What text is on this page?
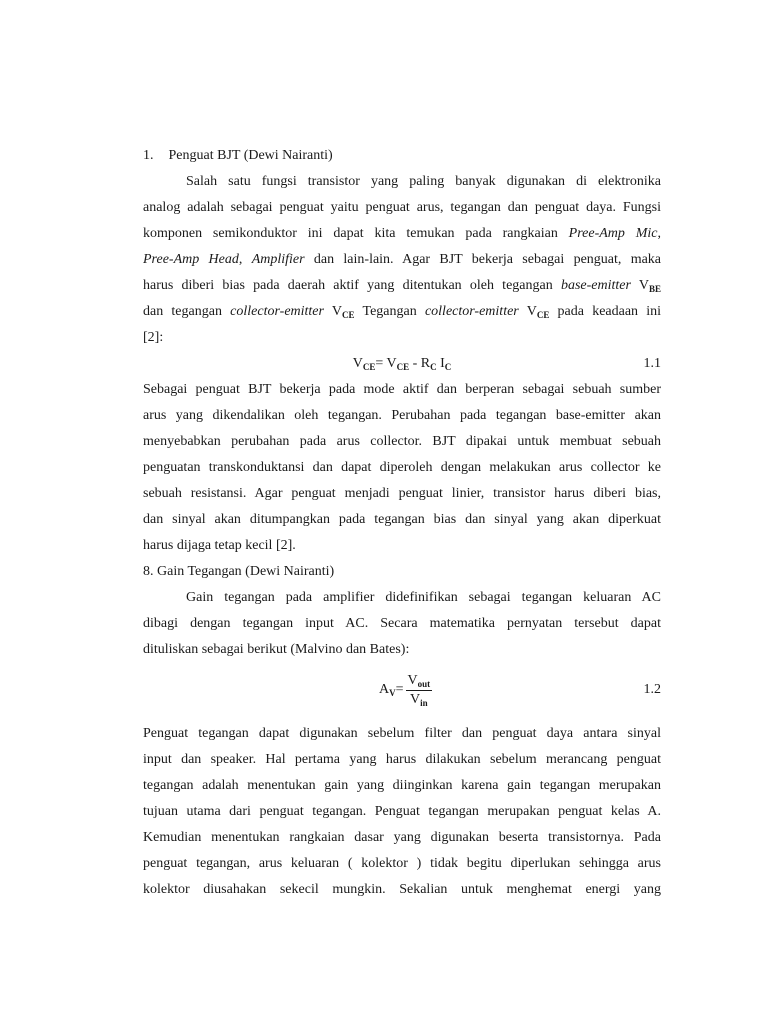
1. Penguat BJT (Dewi Nairanti)
Salah satu fungsi transistor yang paling banyak digunakan di elektronika
analog adalah sebagai penguat yaitu penguat arus, tegangan dan penguat daya. Fungsi
komponen semikonduktor ini dapat kita temukan pada rangkaian Pree-Amp Mic,
Pree-Amp Head, Amplifier dan lain-lain. Agar BJT bekerja sebagai penguat, maka
harus diberi bias pada daerah aktif yang ditentukan oleh tegangan base-emitter $V_{BE}$
dan tegangan collector-emitter $V_{CE}$ Tegangan collector-emitter $V_{CE}$ pada keadaan ini
[2]:
$V_{CE}= V_{CE} - R_C$ $I_C$	1.1
Sebagai penguat BJT bekerja pada mode aktif dan berperan sebagai sebuah sumber
arus yang dikendalikan oleh tegangan. Perubahan pada tegangan base-emitter akan
menyebabkan perubahan pada arus collector. BJT dipakai untuk membuat sebuah
penguatan transkonduktansi dan dapat diperoleh dengan melakukan arus collector ke
sebuah resistansi. Agar penguat menjadi penguat linier, transistor harus diberi bias,
dan sinyal akan ditumpangkan pada tegangan bias dan sinyal yang akan diperkuat
harus dijaga tetap kecil [2].
8. Gain Tegangan (Dewi Nairanti)
Gain tegangan pada amplifier didefinifikan sebagai tegangan keluaran AC
dibagi dengan tegangan input AC. Secara matematika pernyatan tersebut dapat
dituliskan sebagai berikut (Malvino dan Bates):
A $V = \frac{V_{out}}{V_{in}}$	1.2
Penguat tegangan dapat digunakan sebelum filter dan penguat daya antara sinyal
input dan speaker. Hal pertama yang harus dilakukan sebelum merancang penguat
tegangan adalah menentukan gain yang diinginkan karena gain tegangan merupakan
tujuan utama dari penguat tegangan. Penguat tegangan merupakan penguat kelas A.
Kemudian menentukan rangkaian dasar yang digunakan beserta transistornya. Pada
penguat tegangan, arus keluaran ( kolektor ) tidak begitu diperlukan sehingga arus
kolektor diusahakan sekecil mungkin. Sekalian untuk menghemat energi yang
